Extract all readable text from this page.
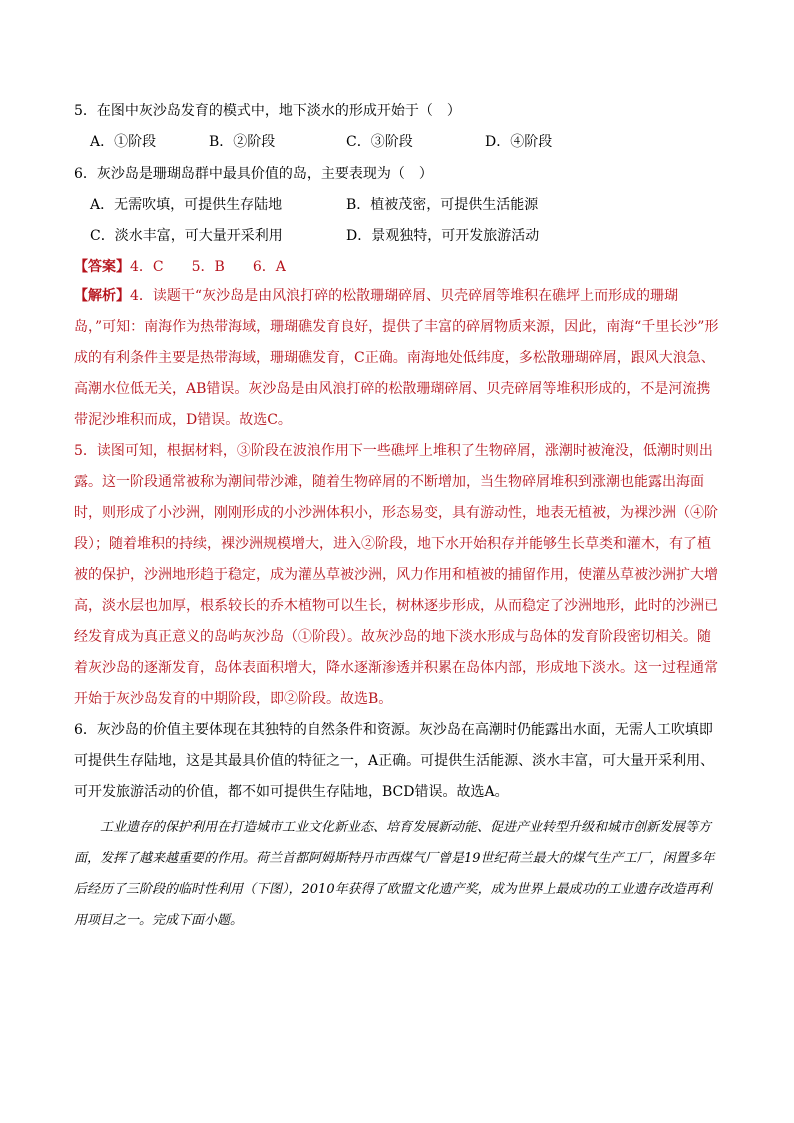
5．在图中灰沙岛发育的模式中，地下淡水的形成开始于（　）
A．①阶段	B．②阶段	C．③阶段	D．④阶段
6．灰沙岛是珊瑚岛群中最具价值的岛，主要表现为（　）
A．无需吹填，可提供生存陆地	B．植被茂密，可提供生活能源
C．淡水丰富，可大量开采利用	D．景观独特，可开发旅游活动
【答案】4．C　　5．B　　6．A
【解析】4．读题干“灰沙岛是由风浪打碎的松散珊瑚碎屑、贝壳碎屑等堆积在礁坪上而形成的珊瑚岛，”可知：南海作为热带海域，珊瑚礁发育良好，提供了丰富的碎屑物质来源，因此，南海“千里长沙”形成的有利条件主要是热带海域，珊瑚礁发育，C正确。南海地处低纬度，多松散珊瑚碎屑，跟风大浪急、高潮水位低无关，AB错误。灰沙岛是由风浪打碎的松散珊瑚碎屑、贝壳碎屑等堆积形成的，不是河流携带泥沙堆积而成，D错误。故选C。
5．读图可知，根据材料，③阶段在波浪作用下一些礁坪上堆积了生物碎屑，涨潮时被淹没，低潮时则出露。这一阶段通常被称为潮间带沙滩，随着生物碎屑的不断增加，当生物碎屑堆积到涨潮也能露出海面时，则形成了小沙洲，刚刚形成的小沙洲体积小，形态易变，具有游动性，地表无植被，为裸沙洲（④阶段）；随着堆积的持续，裸沙洲规模增大，进入②阶段，地下水开始积存并能够生长草类和灌木，有了植被的保护，沙洲地形趋于稳定，成为灌丛草被沙洲，风力作用和植被的捕留作用，使灌丛草被沙洲扩大增高，淡水层也加厚，根系较长的乔木植物可以生长，树林逐步形成，从而稳定了沙洲地形，此时的沙洲已经发育成为真正意义的岛屿灰沙岛（①阶段）。故灰沙岛的地下淡水形成与岛体的发育阶段密切相关。随着灰沙岛的逐渐发育，岛体表面积增大，降水逐渐渗透并积累在岛体内部，形成地下淡水。这一过程通常开始于灰沙岛发育的中期阶段，即②阶段。故选B。
6．灰沙岛的价值主要体现在其独特的自然条件和资源。灰沙岛在高潮时仍能露出水面，无需人工吹填即可提供生存陆地，这是其最具价值的特征之一，A正确。可提供生活能源、淡水丰富，可大量开采利用、可开发旅游活动的价值，都不如可提供生存陆地，BCD错误。故选A。
工业遗存的保护利用在打造城市工业文化新业态、培育发展新动能、促进产业转型升级和城市创新发展等方面，发挥了越来越重要的作用。荷兰首都阿姆斯特丹市西煤气厂曾是19世纪荷兰最大的煤气生产工厂，闲置多年后经历了三阶段的临时性利用（下图），2010年获得了欧盟文化遗产奖，成为世界上最成功的工业遗存改造再利用项目之一。完成下面小题。
